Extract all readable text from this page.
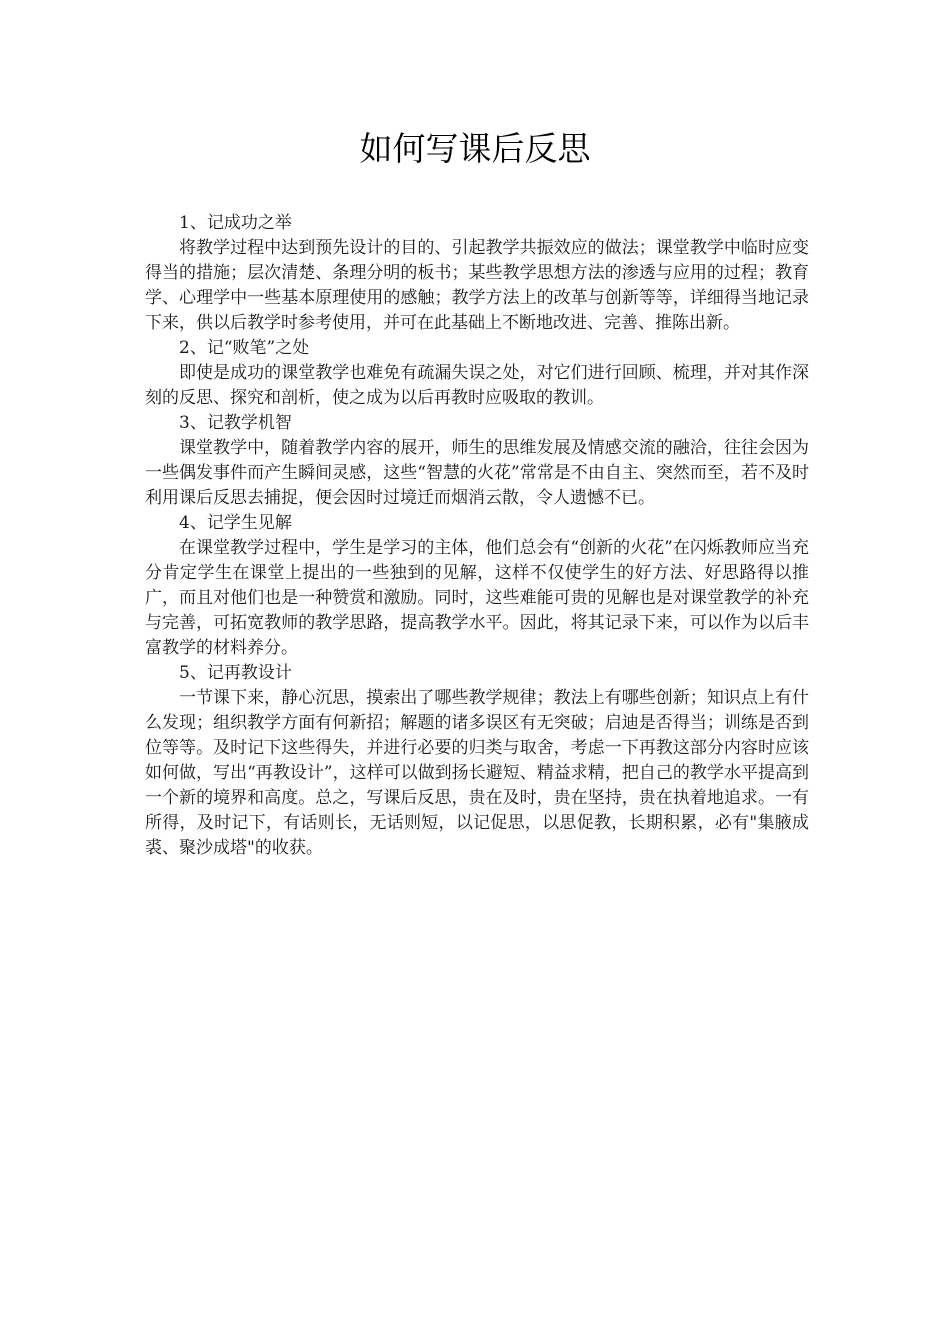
如何写课后反思

1、记成功之举

将教学过程中达到预先设计的目的、引起教学共振效应的做法；课堂教学中临时应变得当的措施；层次清楚、条理分明的板书；某些教学思想方法的渗透与应用的过程；教育学、心理学中一些基本原理使用的感触；教学方法上的改革与创新等等，详细得当地记录下来，供以后教学时参考使用，并可在此基础上不断地改进、完善、推陈出新。

2、记“败笔”之处

即使是成功的课堂教学也难免有疏漏失误之处，对它们进行回顾、梳理，并对其作深刻的反思、探究和剖析，使之成为以后再教时应吸取的教训。

3、记教学机智

课堂教学中，随着教学内容的展开，师生的思维发展及情感交流的融洽，往往会因为一些偶发事件而产生瞬间灵感，这些“智慧的火花”常常是不由自主、突然而至，若不及时利用课后反思去捕捉，便会因时过境迁而烟消云散，令人遗憾不已。

4、记学生见解

在课堂教学过程中，学生是学习的主体，他们总会有“创新的火花”在闪烁教师应当充分肯定学生在课堂上提出的一些独到的见解，这样不仅使学生的好方法、好思路得以推广，而且对他们也是一种赞赏和激励。同时，这些难能可贵的见解也是对课堂教学的补充与完善，可拓宽教师的教学思路，提高教学水平。因此，将其记录下来，可以作为以后丰富教学的材料养分。

5、记再教设计

一节课下来，静心沉思，摸索出了哪些教学规律；教法上有哪些创新；知识点上有什么发现；组织教学方面有何新招；解题的诸多误区有无突破；启迪是否得当；训练是否到位等等。及时记下这些得失，并进行必要的归类与取舍，考虑一下再教这部分内容时应该如何做，写出“再教设计”，这样可以做到扬长避短、精益求精，把自己的教学水平提高到一个新的境界和高度。总之，写课后反思，贵在及时，贵在坚持，贵在执着地追求。一有所得，及时记下，有话则长，无话则短，以记促思，以思促教，长期积累，必有"集腋成裘、聚沙成塔"的收获。
